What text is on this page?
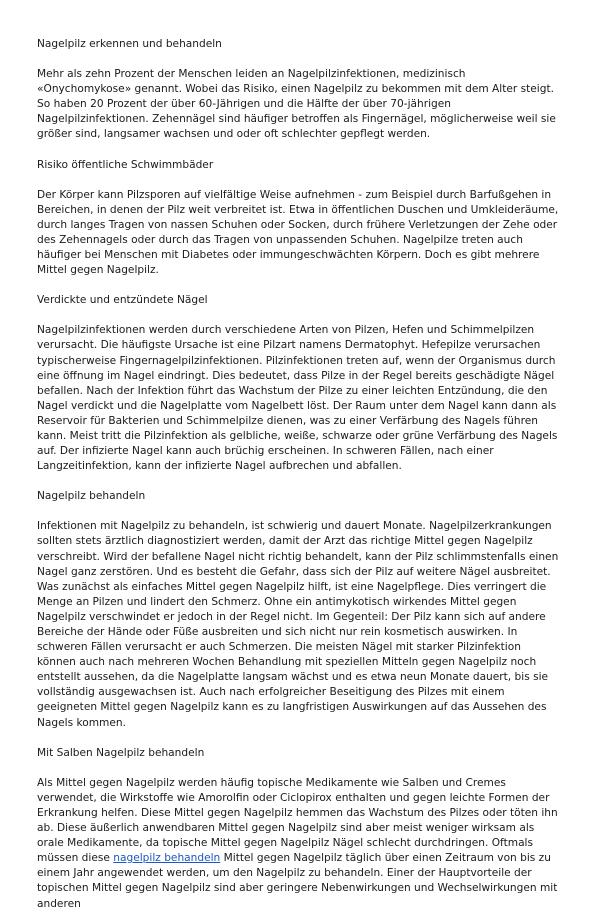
Nagelpilz erkennen und behandeln

Mehr als zehn Prozent der Menschen leiden an Nagelpilzinfektionen, medizinisch «Onychomykose» genannt. Wobei das Risiko, einen Nagelpilz zu bekommen mit dem Alter steigt. So haben 20 Prozent der über 60-Jährigen und die Hälfte der über 70-jährigen Nagelpilzinfektionen. Zehennägel sind häufiger betroffen als Fingernägel, möglicherweise weil sie größer sind, langsamer wachsen und oder oft schlechter gepflegt werden.

Risiko öffentliche Schwimmbäder

Der Körper kann Pilzsporen auf vielfältige Weise aufnehmen - zum Beispiel durch Barfußgehen in Bereichen, in denen der Pilz weit verbreitet ist. Etwa in öffentlichen Duschen und Umkleideräume, durch langes Tragen von nassen Schuhen oder Socken, durch frühere Verletzungen der Zehe oder des Zehennagels oder durch das Tragen von unpassenden Schuhen. Nagelpilze treten auch häufiger bei Menschen mit Diabetes oder immungeschwächten Körpern. Doch es gibt mehrere Mittel gegen Nagelpilz.

Verdickte und entzündete Nägel

Nagelpilzinfektionen werden durch verschiedene Arten von Pilzen, Hefen und Schimmelpilzen verursacht. Die häufigste Ursache ist eine Pilzart namens Dermatophyt. Hefepilze verursachen typischerweise Fingernagelpilzinfektionen. Pilzinfektionen treten auf, wenn der Organismus durch eine öffnung im Nagel eindringt. Dies bedeutet, dass Pilze in der Regel bereits geschädigte Nägel befallen. Nach der Infektion führt das Wachstum der Pilze zu einer leichten Entzündung, die den Nagel verdickt und die Nagelplatte vom Nagelbett löst. Der Raum unter dem Nagel kann dann als Reservoir für Bakterien und Schimmelpilze dienen, was zu einer Verfärbung des Nagels führen kann. Meist tritt die Pilzinfektion als gelbliche, weiße, schwarze oder grüne Verfärbung des Nagels auf. Der infizierte Nagel kann auch brüchig erscheinen. In schweren Fällen, nach einer Langzeitinfektion, kann der infizierte Nagel aufbrechen und abfallen.

Nagelpilz behandeln

Infektionen mit Nagelpilz zu behandeln, ist schwierig und dauert Monate. Nagelpilzerkrankungen sollten stets ärztlich diagnostiziert werden, damit der Arzt das richtige Mittel gegen Nagelpilz verschreibt. Wird der befallene Nagel nicht richtig behandelt, kann der Pilz schlimmstenfalls einen Nagel ganz zerstören. Und es besteht die Gefahr, dass sich der Pilz auf weitere Nägel ausbreitet. Was zunächst als einfaches Mittel gegen Nagelpilz hilft, ist eine Nagelpflege. Dies verringert die Menge an Pilzen und lindert den Schmerz. Ohne ein antimykotisch wirkendes Mittel gegen Nagelpilz verschwindet er jedoch in der Regel nicht. Im Gegenteil: Der Pilz kann sich auf andere Bereiche der Hände oder Füße ausbreiten und sich nicht nur rein kosmetisch auswirken. In schweren Fällen verursacht er auch Schmerzen. Die meisten Nägel mit starker Pilzinfektion können auch nach mehreren Wochen Behandlung mit speziellen Mitteln gegen Nagelpilz noch entstellt aussehen, da die Nagelplatte langsam wächst und es etwa neun Monate dauert, bis sie vollständig ausgewachsen ist. Auch nach erfolgreicher Beseitigung des Pilzes mit einem geeigneten Mittel gegen Nagelpilz kann es zu langfristigen Auswirkungen auf das Aussehen des Nagels kommen.

Mit Salben Nagelpilz behandeln

Als Mittel gegen Nagelpilz werden häufig topische Medikamente wie Salben und Cremes verwendet, die Wirkstoffe wie Amorolfin oder Ciclopirox enthalten und gegen leichte Formen der Erkrankung helfen. Diese Mittel gegen Nagelpilz hemmen das Wachstum des Pilzes oder töten ihn ab. Diese äußerlich anwendbaren Mittel gegen Nagelpilz sind aber meist weniger wirksam als orale Medikamente, da topische Mittel gegen Nagelpilz Nägel schlecht durchdringen. Oftmals müssen diese nagelpilz behandeln Mittel gegen Nagelpilz täglich über einen Zeitraum von bis zu einem Jahr angewendet werden, um den Nagelpilz zu behandeln. Einer der Hauptvorteile der topischen Mittel gegen Nagelpilz sind aber geringere Nebenwirkungen und Wechselwirkungen mit anderen
